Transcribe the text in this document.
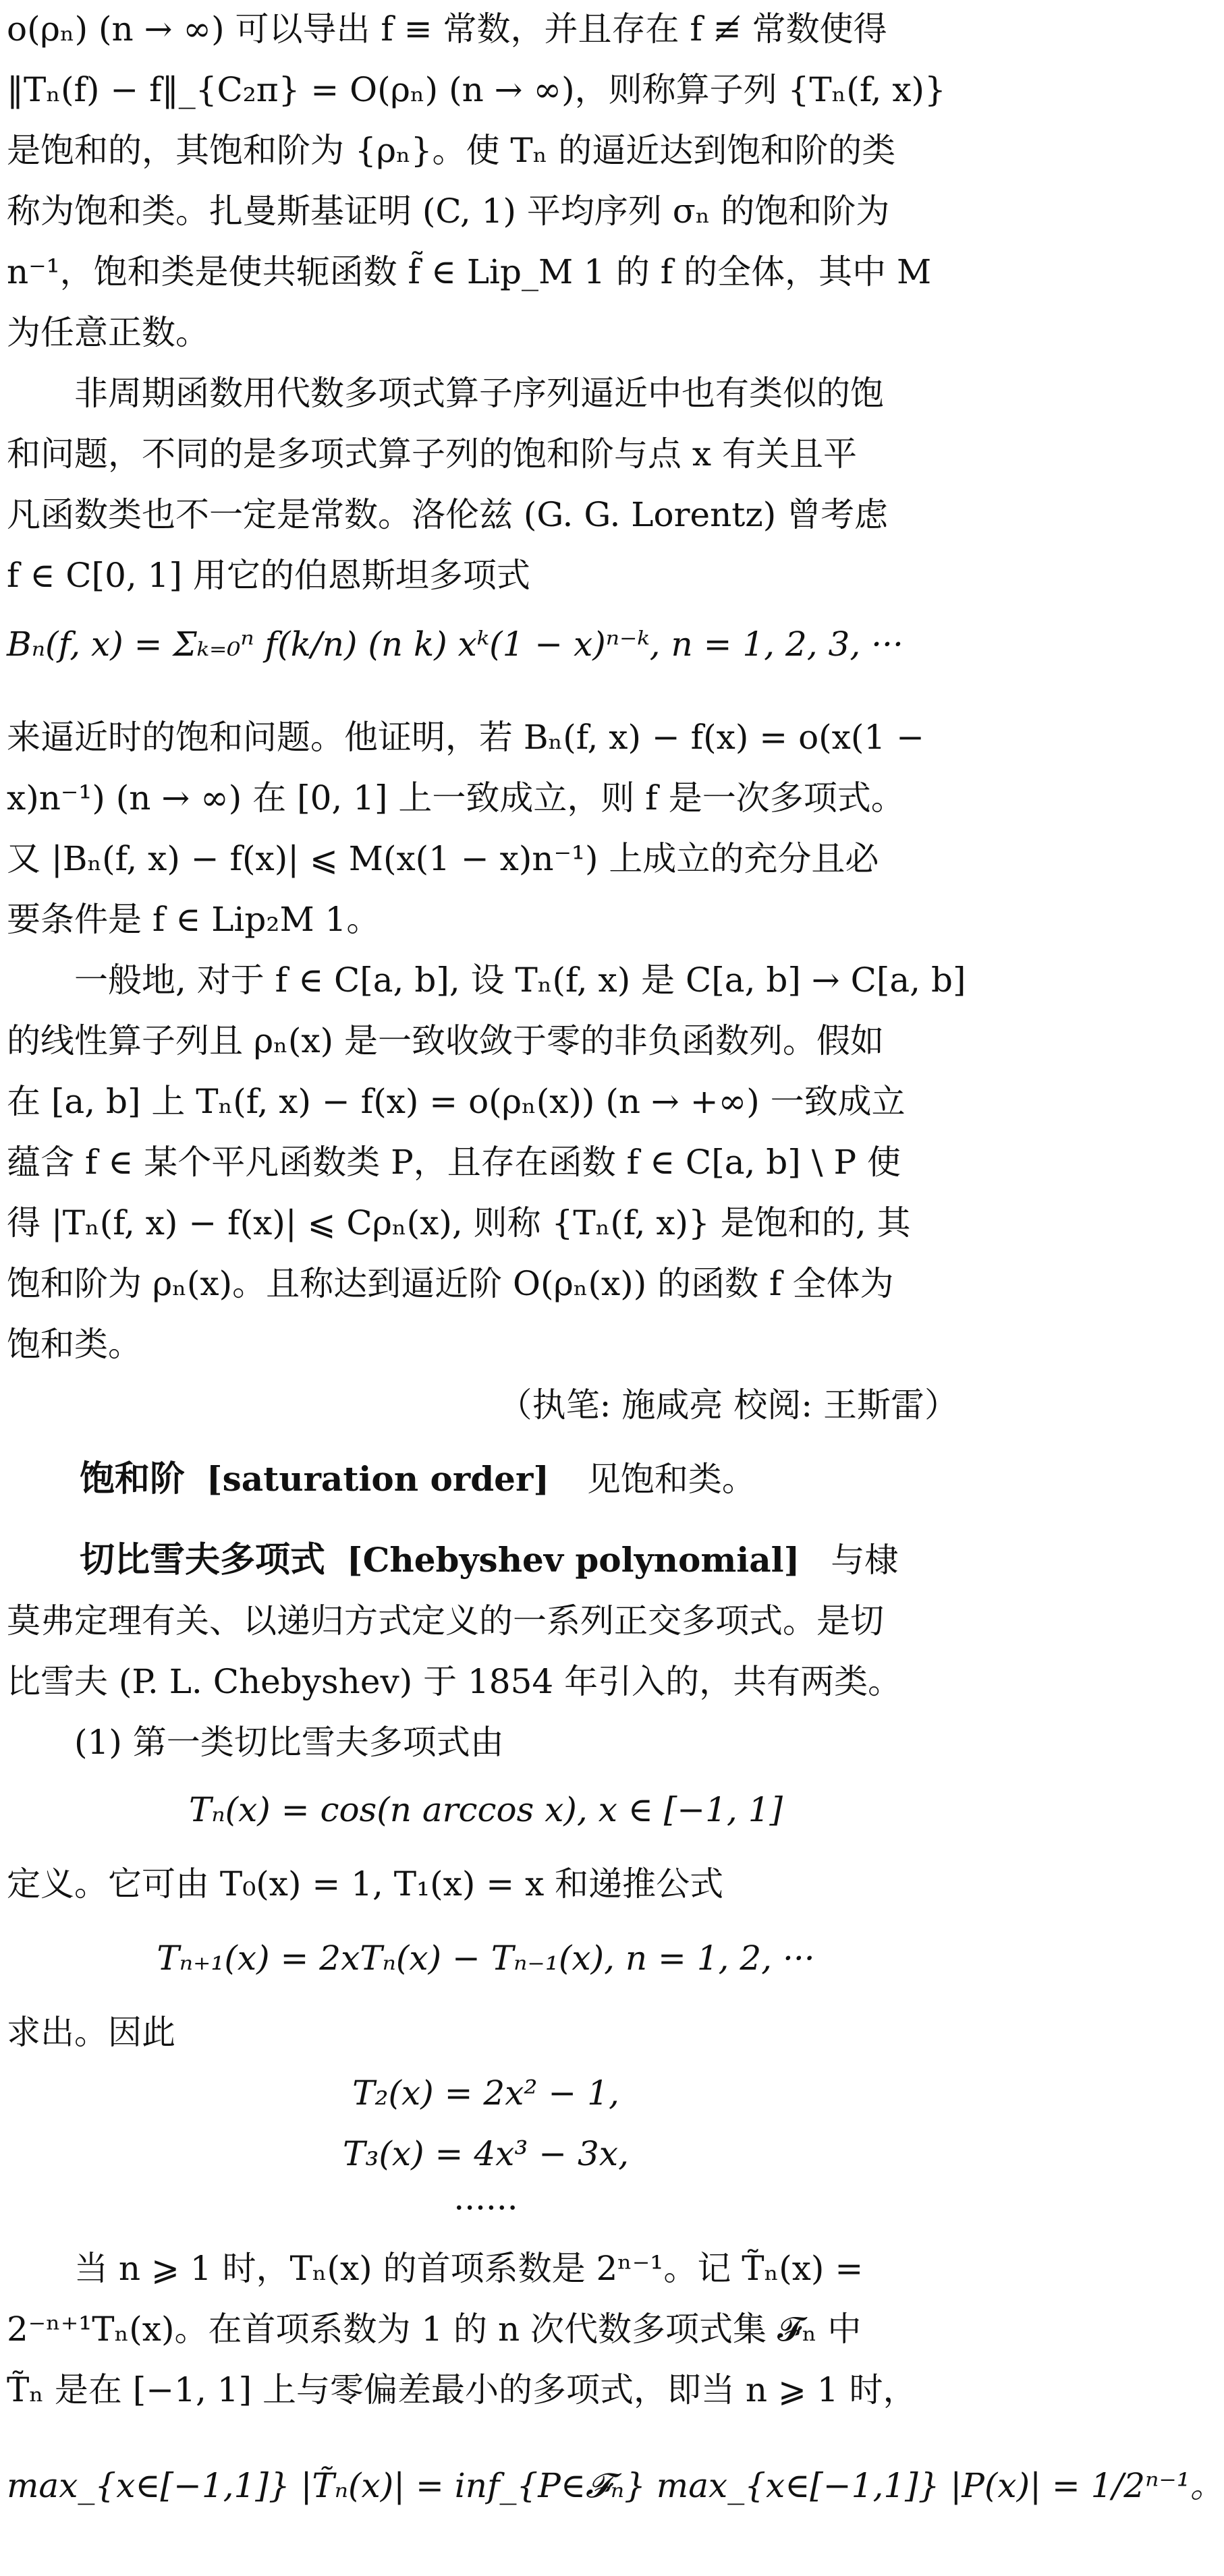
o(ρₙ) (n → ∞) 可以导出 f ≡ 常数，并且存在 f ≢ 常数使得
‖Tₙ(f) − f‖_{C₂π} = O(ρₙ) (n → ∞)，则称算子列 {Tₙ(f, x)}
是饱和的，其饱和阶为 {ρₙ}。使 Tₙ 的逼近达到饱和阶的类
称为饱和类。扎曼斯基证明 (C, 1) 平均序列 σₙ 的饱和阶为
n⁻¹，饱和类是使共轭函数 f̃ ∈ Lip_M 1 的 f 的全体，其中 M
为任意正数。
非周期函数用代数多项式算子序列逼近中也有类似的饱
和问题，不同的是多项式算子列的饱和阶与点 x 有关且平
凡函数类也不一定是常数。洛伦兹 (G. G. Lorentz) 曾考虑
f ∈ C[0, 1] 用它的伯恩斯坦多项式
Bₙ(f, x) = Σₖ₌₀ⁿ f(k/n) (n k) xᵏ(1 − x)ⁿ⁻ᵏ, n = 1, 2, 3, ···
来逼近时的饱和问题。他证明，若 Bₙ(f, x) − f(x) = o(x(1 −
x)n⁻¹) (n → ∞) 在 [0, 1] 上一致成立，则 f 是一次多项式。
又 |Bₙ(f, x) − f(x)| ⩽ M(x(1 − x)n⁻¹) 上成立的充分且必
要条件是 f ∈ Lip₂M 1。
一般地, 对于 f ∈ C[a, b], 设 Tₙ(f, x) 是 C[a, b] → C[a, b]
的线性算子列且 ρₙ(x) 是一致收敛于零的非负函数列。假如
在 [a, b] 上 Tₙ(f, x) − f(x) = o(ρₙ(x)) (n → +∞) 一致成立
蕴含 f ∈ 某个平凡函数类 P，且存在函数 f ∈ C[a, b] \ P 使
得 |Tₙ(f, x) − f(x)| ⩽ Cρₙ(x), 则称 {Tₙ(f, x)} 是饱和的, 其
饱和阶为 ρₙ(x)。且称达到逼近阶 O(ρₙ(x)) 的函数 f 全体为
饱和类。
（执笔: 施咸亮 校阅: 王斯雷）
饱和阶 [saturation order] 见饱和类。
切比雪夫多项式 [Chebyshev polynomial] 与棣
莫弗定理有关、以递归方式定义的一系列正交多项式。是切
比雪夫 (P. L. Chebyshev) 于 1854 年引入的，共有两类。
(1) 第一类切比雪夫多项式由
Tₙ(x) = cos(n arccos x), x ∈ [−1, 1]
定义。它可由 T₀(x) = 1, T₁(x) = x 和递推公式
Tₙ₊₁(x) = 2xTₙ(x) − Tₙ₋₁(x), n = 1, 2, ···
求出。因此
T₂(x) = 2x² − 1,
T₃(x) = 4x³ − 3x,
······
当 n ⩾ 1 时，Tₙ(x) 的首项系数是 2ⁿ⁻¹。记 T̃ₙ(x) =
2⁻ⁿ⁺¹Tₙ(x)。在首项系数为 1 的 n 次代数多项式集 𝓕ₙ 中
T̃ₙ 是在 [−1, 1] 上与零偏差最小的多项式，即当 n ⩾ 1 时，
max_{x∈[−1,1]} |T̃ₙ(x)| = inf_{P∈𝓕ₙ} max_{x∈[−1,1]} |P(x)| = 1/2ⁿ⁻¹。
